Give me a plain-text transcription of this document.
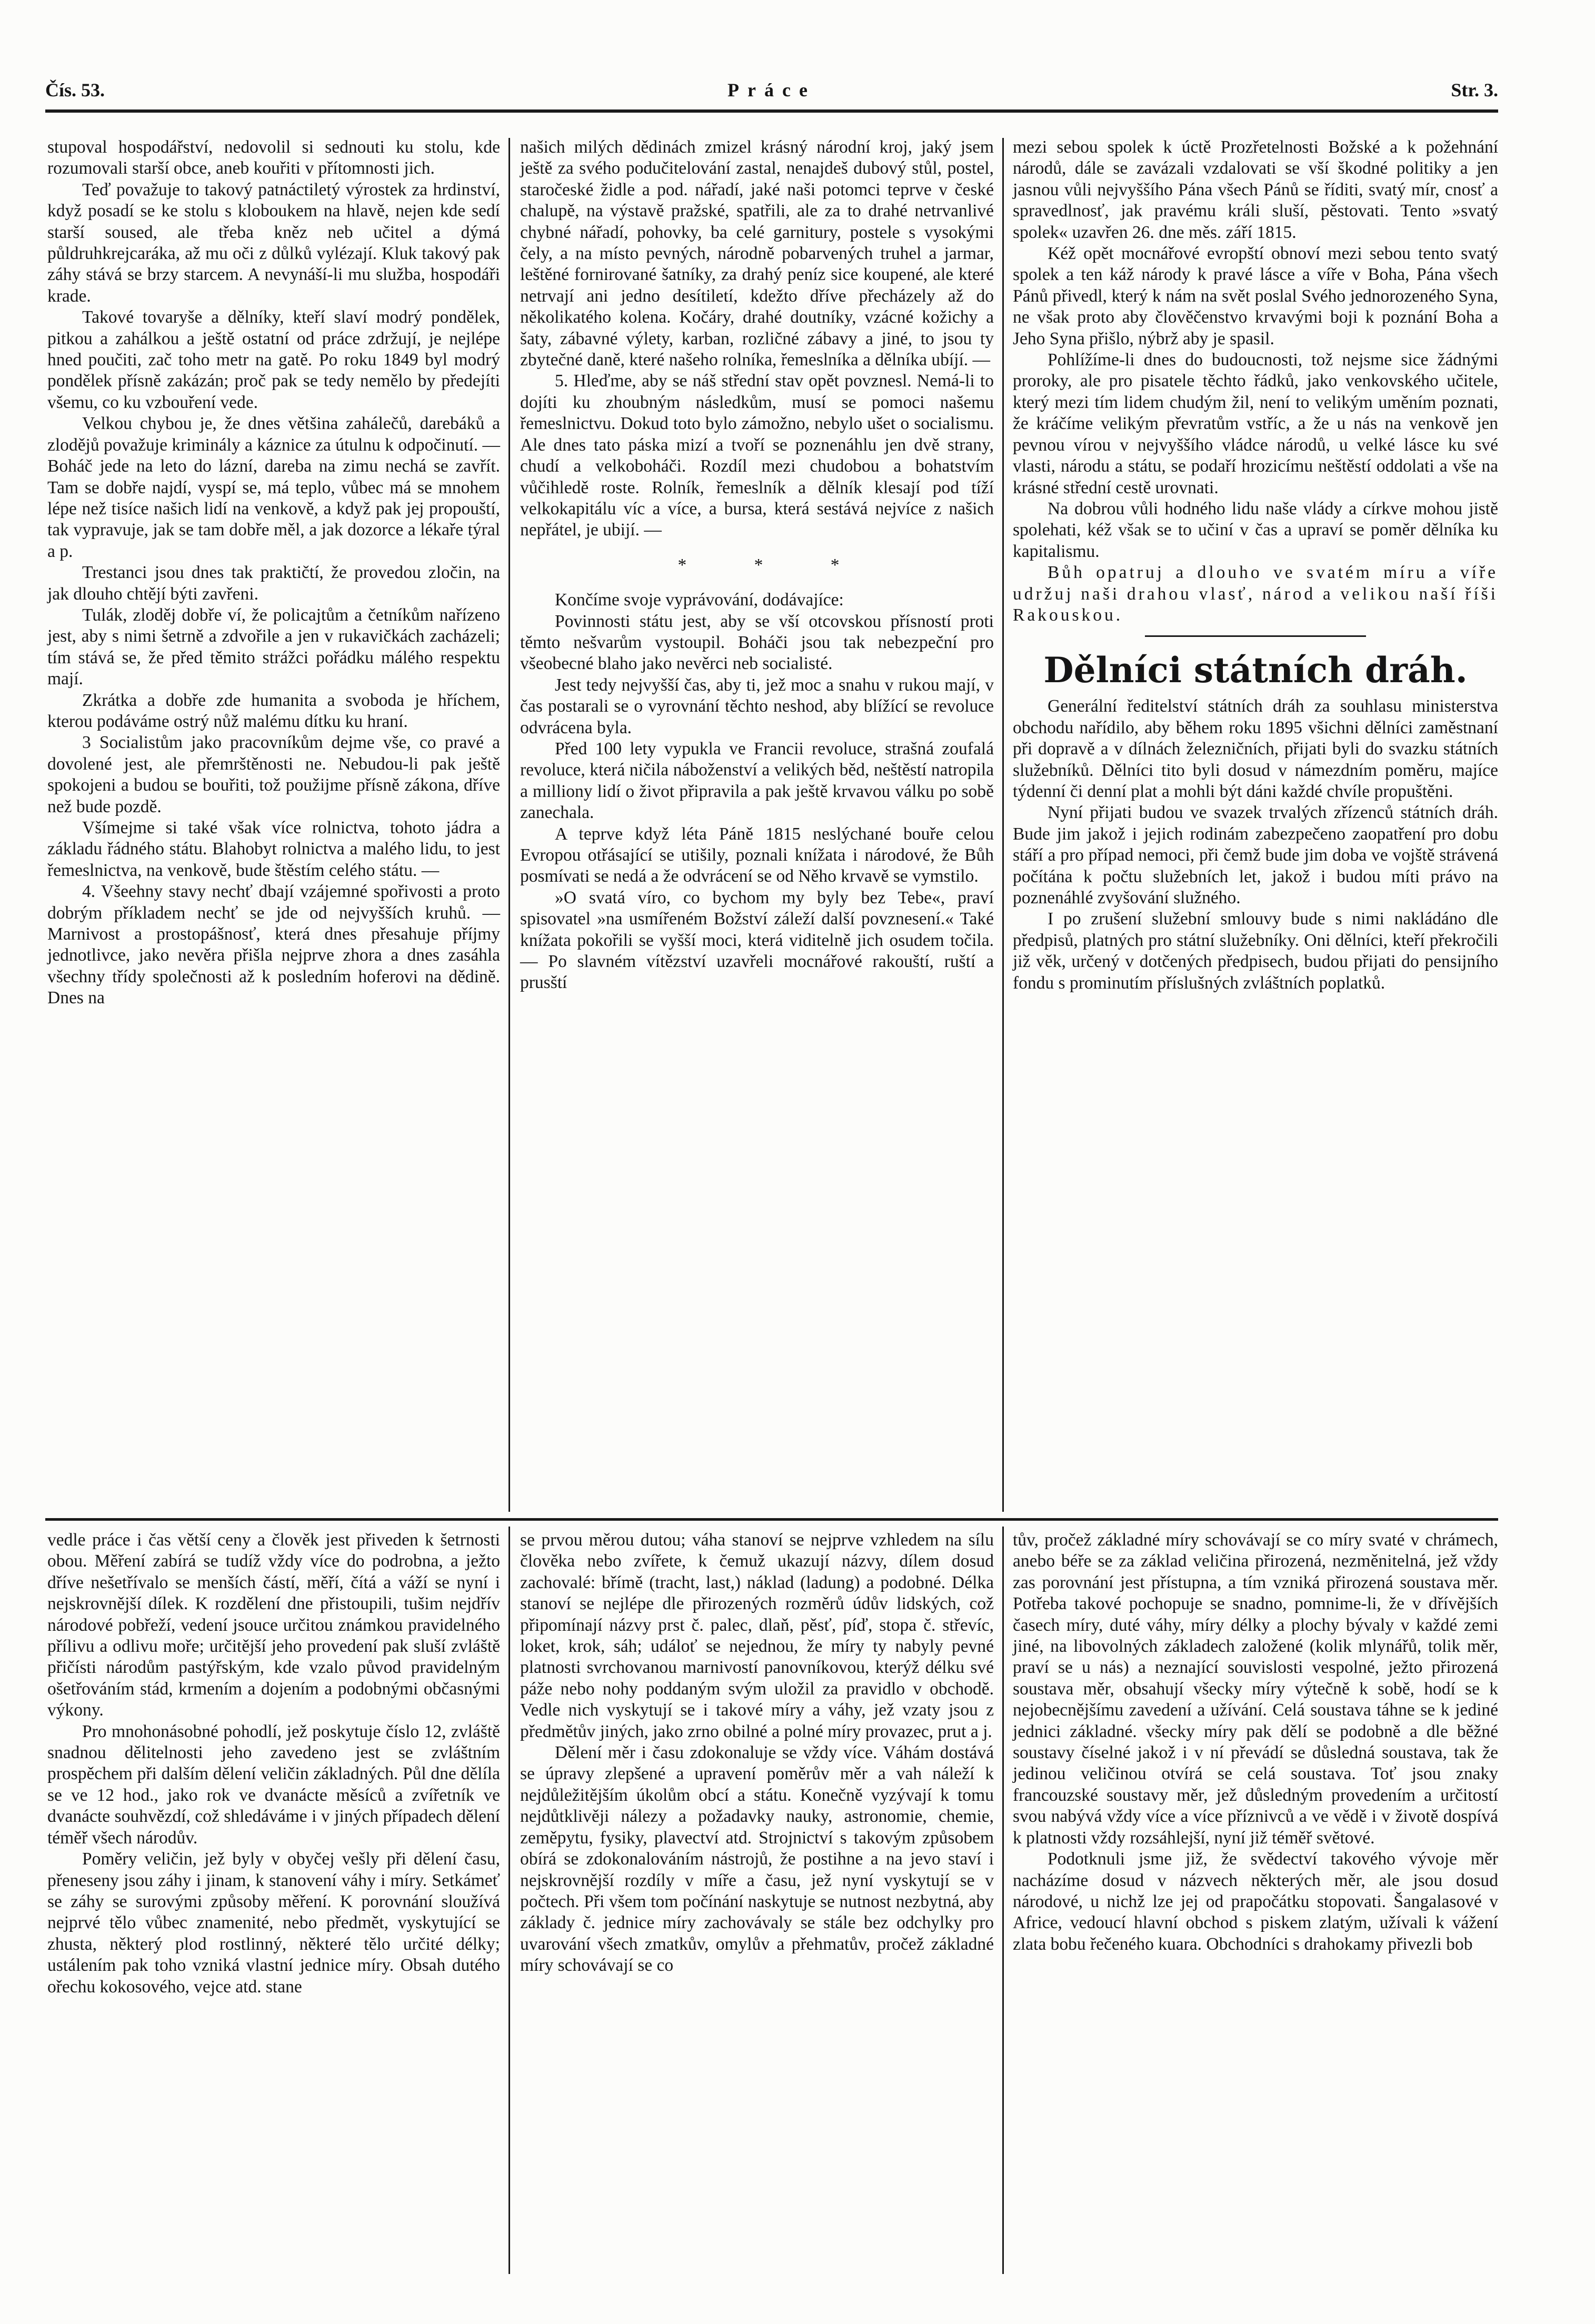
Čís. 53.	Práce	Str. 3.

stupoval hospodářství, nedovolil si sednouti ku stolu, kde rozumovali starší obce, aneb kouřiti v přítomnosti jich.

Teď považuje to takový patnáctiletý výrostek za hrdinství, když posadí se ke stolu s kloboukem na hlavě, nejen kde sedí starší soused, ale třeba kněz neb učitel a dýmá půldruhkrejcaráka, až mu oči z důlků vylézají. Kluk takový pak záhy stává se brzy starcem. A nevynáší-li mu služba, hospodáři krade.

Takové tovaryše a dělníky, kteří slaví modrý pondělek, pitkou a zahálkou a ještě ostatní od práce zdržují, je nejlépe hned poučiti, zač toho metr na gatě. Po roku 1849 byl modrý pondělek přísně zakázán; proč pak se tedy nemělo by předejíti všemu, co ku vzbouření vede.

Velkou chybou je, že dnes většina zahálečů, darebáků a zlodějů považuje kriminály a káznice za útulnu k odpočinutí. — Boháč jede na leto do lázní, dareba na zimu nechá se zavřít. Tam se dobře najdí, vyspí se, má teplo, vůbec má se mnohem lépe než tisíce našich lidí na venkově, a když pak jej propouští, tak vypravuje, jak se tam dobře měl, a jak dozorce a lékaře týral a p.

Trestanci jsou dnes tak praktičtí, že provedou zločin, na jak dlouho chtějí býti zavřeni.

Tulák, zloděj dobře ví, že policajtům a četníkům nařízeno jest, aby s nimi šetrně a zdvořile a jen v rukavičkách zacházeli; tím stává se, že před těmito strážci pořádku málého respektu mají.

Zkrátka a dobře zde humanita a svoboda je hříchem, kterou podáváme ostrý nůž malému dítku ku hraní.

3 Socialistům jako pracovníkům dejme vše, co pravé a dovolené jest, ale přemrštěnosti ne. Nebudou-li pak ještě spokojeni a budou se bouřiti, tož použijme přísně zákona, dříve než bude pozdě.

Všímejme si také však více rolnictva, tohoto jádra a základu řádného státu. Blahobyt rolnictva a malého lidu, to jest řemeslnictva, na venkově, bude štěstím celého státu. —

4. Všeehny stavy nechť dbají vzájemné spořivosti a proto dobrým příkladem nechť se jde od nejvyšších kruhů. — Marnivost a prostopášnosť, která dnes přesahuje příjmy jednotlivce, jako nevěra přišla nejprve zhora a dnes zasáhla všechny třídy společnosti až k posledním hoferovi na dědině. Dnes na

našich milých dědinách zmizel krásný národní kroj, jaký jsem ještě za svého podučitelování zastal, nenajdeš dubový stůl, postel, staročeské židle a pod. nářadí, jaké naši potomci teprve v české chalupě, na výstavě pražské, spatřili, ale za to drahé netrvanlivé chybné nářadí, pohovky, ba celé garnitury, postele s vysokými čely, a na místo pevných, národně pobarvených truhel a jarmar, leštěné fornirované šatníky, za drahý peníz sice koupené, ale které netrvají ani jedno desítiletí, kdežto dříve přecházely až do několikatého kolena. Kočáry, drahé doutníky, vzácné kožichy a šaty, zábavné výlety, karban, rozličné zábavy a jiné, to jsou ty zbytečné daně, které našeho rolníka, řemeslníka a dělníka ubíjí. —

5. Hleďme, aby se náš střední stav opět povznesl. Nemá-li to dojíti ku zhoubným následkům, musí se pomoci našemu řemeslnictvu. Dokud toto bylo zámožno, nebylo ušet o socialismu. Ale dnes tato páska mizí a tvoří se poznenáhlu jen dvě strany, chudí a velkoboháči. Rozdíl mezi chudobou a bohatstvím vůčihledě roste. Rolník, řemeslník a dělník klesají pod tíží velkokapitálu víc a více, a bursa, která sestává nejvíce z našich nepřátel, je ubijí. —

* * *

Končíme svoje vyprávování, dodávajíce:

Povinnosti státu jest, aby se vší otcovskou přísností proti těmto nešvarům vystoupil. Boháči jsou tak nebezpeční pro všeobecné blaho jako nevěrci neb socialisté.

Jest tedy nejvyšší čas, aby ti, jež moc a snahu v rukou mají, v čas postarali se o vyrovnání těchto neshod, aby blížící se revoluce odvrácena byla.

Před 100 lety vypukla ve Francii revoluce, strašná zoufalá revoluce, která ničila náboženství a velikých běd, neštěstí natropila a milliony lidí o život připravila a pak ještě krvavou válku po sobě zanechala.

A teprve když léta Páně 1815 neslýchané bouře celou Evropou otřásající se utišily, poznali knížata i národové, že Bůh posmívati se nedá a že odvrácení se od Něho krvavě se vymstilo.

»O svatá víro, co bychom my byly bez Tebe«, praví spisovatel »na usmířeném Božství záleží další povznesení.« Také knížata pokořili se vyšší moci, která viditelně jich osudem točila. — Po slavném vítězství uzavřeli mocnářové rakouští, ruští a prusští

mezi sebou spolek k úctě Prozřetelnosti Božské a k požehnání národů, dále se zavázali vzdalovati se vší škodné politiky a jen jasnou vůli nejvyššího Pána všech Pánů se říditi, svatý mír, cnosť a spravedlnosť, jak pravému králi sluší, pěstovati. Tento »svatý spolek« uzavřen 26. dne měs. září 1815.

Kéž opět mocnářové evropští obnoví mezi sebou tento svatý spolek a ten káž národy k pravé lásce a víře v Boha, Pána všech Pánů přivedl, který k nám na svět poslal Svého jednorozeného Syna, ne však proto aby člověčenstvo krvavými boji k poznání Boha a Jeho Syna přišlo, nýbrž aby je spasil.

Pohlížíme-li dnes do budoucnosti, tož nejsme sice žádnými proroky, ale pro pisatele těchto řádků, jako venkovského učitele, který mezi tím lidem chudým žil, není to velikým uměním poznati, že kráčíme velikým převratům vstříc, a že u nás na venkově jen pevnou vírou v nejvyššího vládce národů, u velké lásce ku své vlasti, národu a státu, se podaří hrozicímu neštěstí oddolati a vše na krásné střední cestě urovnati.

Na dobrou vůli hodného lidu naše vlády a církve mohou jistě spolehati, kéž však se to učiní v čas a upraví se poměr dělníka ku kapitalismu.

Bůh opatruj a dlouho ve svatém míru a víře udržuj naši drahou vlasť, národ a velikou naší říši Rakouskou.

Dělníci státních dráh.

Generální ředitelství státních dráh za souhlasu ministerstva obchodu nařídilo, aby během roku 1895 všichni dělníci zaměstnaní při dopravě a v dílnách železničních, přijati byli do svazku státních služebníků. Dělníci tito byli dosud v námezdním poměru, majíce týdenní či denní plat a mohli být dáni každé chvíle propuštěni.

Nyní přijati budou ve svazek trvalých zřízenců státních dráh. Bude jim jakož i jejich rodinám zabezpečeno zaopatření pro dobu stáří a pro případ nemoci, při čemž bude jim doba ve vojště strávená počítána k počtu služebních let, jakož i budou míti právo na poznenáhlé zvyšování služného.

I po zrušení služební smlouvy bude s nimi nakládáno dle předpisů, platných pro státní služebníky. Oni dělníci, kteří překročili již věk, určený v dotčených předpisech, budou přijati do pensijního fondu s prominutím příslušných zvláštních poplatků.

vedle práce i čas větší ceny a člověk jest přiveden k šetrnosti obou. Měření zabírá se tudíž vždy více do podrobna, a ježto dříve nešetřívalo se menších částí, měří, čítá a váží se nyní i nejskrovnější dílek. K rozdělení dne přistoupili, tušim nejdřív národové pobřeží, vedení jsouce určitou známkou pravidelného přílivu a odlivu moře; určitější jeho provedení pak sluší zvláště přičísti národům pastýřským, kde vzalo původ pravidelným ošetřováním stád, krmením a dojením a podobnými občasnými výkony.

Pro mnohonásobné pohodlí, jež poskytuje číslo 12, zvláště snadnou dělitelnosti jeho zavedeno jest se zvláštním prospěchem při dalším dělení veličin základných. Půl dne dělíla se ve 12 hod., jako rok ve dvanácte měsíců a zvířetník ve dvanácte souhvězdí, což shledáváme i v jiných případech dělení téměř všech národův.

Poměry veličin, jež byly v obyčej vešly při dělení času, přeneseny jsou záhy i jinam, k stanovení váhy i míry. Setkámeť se záhy se surovými způsoby měření. K porovnání sloužívá nejprvé tělo vůbec znamenité, nebo předmět, vyskytující se zhusta, některý plod rostlinný, některé tělo určité délky; ustálením pak toho vzniká vlastní jednice míry. Obsah dutého ořechu kokosového, vejce atd. stane

se prvou měrou dutou; váha stanoví se nejprve vzhledem na sílu člověka nebo zvířete, k čemuž ukazují názvy, dílem dosud zachovalé: břímě (tracht, last,) náklad (ladung) a podobné. Délka stanoví se nejlépe dle přirozených rozměrů údův lidských, což připomínají názvy prst č. palec, dlaň, pěsť, píď, stopa č. střevíc, loket, krok, sáh; událoť se nejednou, že míry ty nabyly pevné platnosti svrchovanou marnivostí panovníkovou, kterýž délku své páže nebo nohy poddaným svým uložil za pravidlo v obchodě. Vedle nich vyskytují se i takové míry a váhy, jež vzaty jsou z předmětův jiných, jako zrno obilné a polné míry provazec, prut a j.

Dělení měr i času zdokonaluje se vždy více. Váhám dostává se úpravy zlepšené a upravení poměrův měr a vah náleží k nejdůležitějším úkolům obcí a státu. Konečně vyzývají k tomu nejdůtklivěji nálezy a požadavky nauky, astronomie, chemie, zeměpytu, fysiky, plavectví atd. Strojnictví s takovým způsobem obírá se zdokonalováním nástrojů, že postihne a na jevo staví i nejskrovnější rozdíly v míře a času, jež nyní vyskytují se v počtech. Při všem tom počínání naskytuje se nutnost nezbytná, aby základy č. jednice míry zachovávaly se stále bez odchylky pro uvarování všech zmatkův, omylův a přehmatův, pročež základné míry schovávají se co

tův, pročež základné míry schovávají se co míry svaté v chrámech, anebo béře se za základ veličina přirozená, nezměnitelná, jež vždy zas porovnání jest přístupna, a tím vzniká přirozená soustava měr. Potřeba takové pochopuje se snadno, pomnime-li, že v dřívějších časech míry, duté váhy, míry délky a plochy bývaly v každé zemi jiné, na libovolných základech založené (kolik mlynářů, tolik měr, praví se u nás) a neznající souvislosti vespolné, ježto přirozená soustava měr, obsahují všecky míry výtečně k sobě, hodí se k nejobecnějšímu zavedení a užívání. Celá soustava táhne se k jediné jednici základné. všecky míry pak dělí se podobně a dle běžné soustavy číselné jakož i v ní převádí se důsledná soustava, tak že jedinou veličinou otvírá se celá soustava. Toť jsou znaky francouzské soustavy měr, jež důsledným provedením a určitostí svou nabývá vždy více a více příznivců a ve vědě i v životě dospívá k platnosti vždy rozsáhlejší, nyní již téměř světové.

Podotknuli jsme již, že svědectví takového vývoje měr nacházíme dosud v názvech některých měr, ale jsou dosud národové, u nichž lze jej od prapočátku stopovati. Šangalasové v Africe, vedoucí hlavní obchod s piskem zlatým, užívali k vážení zlata bobu řečeného kuara. Obchodníci s drahokamy přivezli bob
